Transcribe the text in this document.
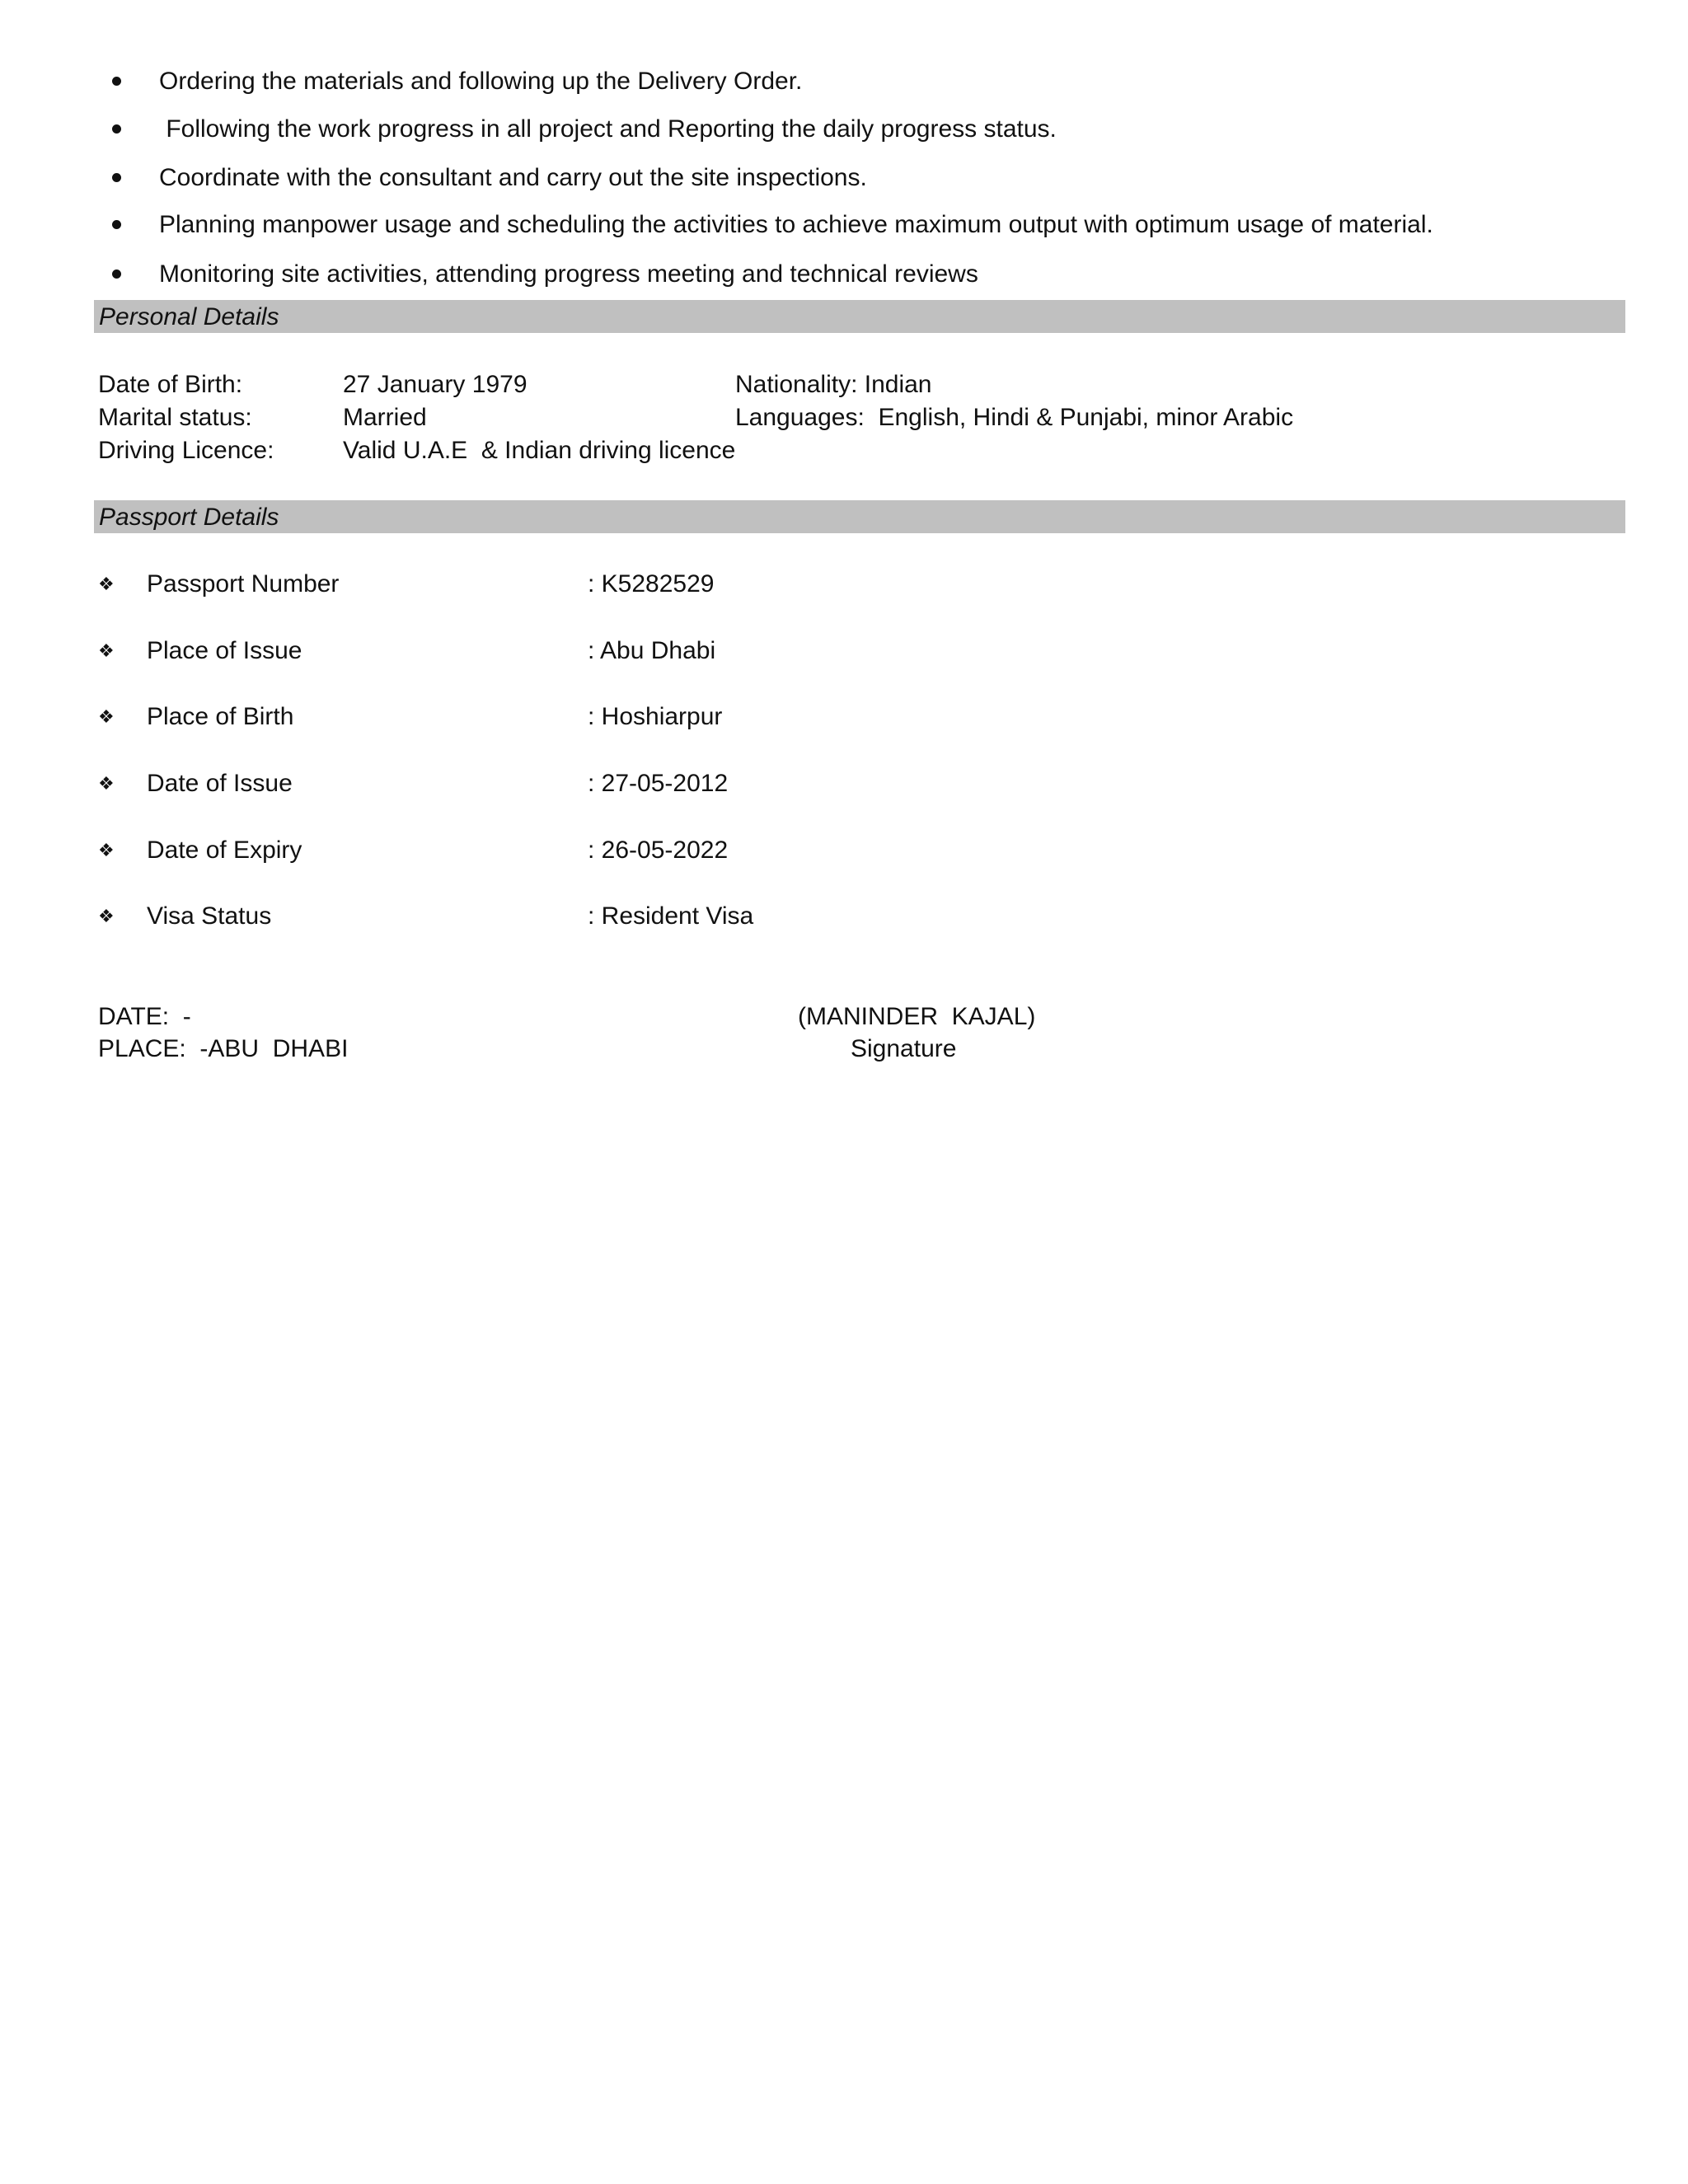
Ordering the materials and following up the Delivery Order.
Following the work progress in all project and Reporting the daily progress status.
Coordinate with the consultant and carry out the site inspections.
Planning manpower usage and scheduling the activities to achieve maximum output with optimum usage of material.
Monitoring site activities, attending progress meeting and technical reviews
Personal Details
Date of Birth:	27 January 1979	Nationality: Indian
Marital status:	Married	Languages:  English, Hindi & Punjabi, minor Arabic
Driving Licence:	Valid U.A.E  & Indian driving licence
Passport Details
❖ Passport Number	: K5282529
❖ Place of Issue	: Abu Dhabi
❖ Place of Birth	: Hoshiarpur
❖ Date of Issue	: 27-05-2012
❖ Date of Expiry	: 26-05-2022
❖ Visa Status	: Resident Visa
DATE:  -
PLACE:  -ABU  DHABI
(MANINDER  KAJAL)
Signature
